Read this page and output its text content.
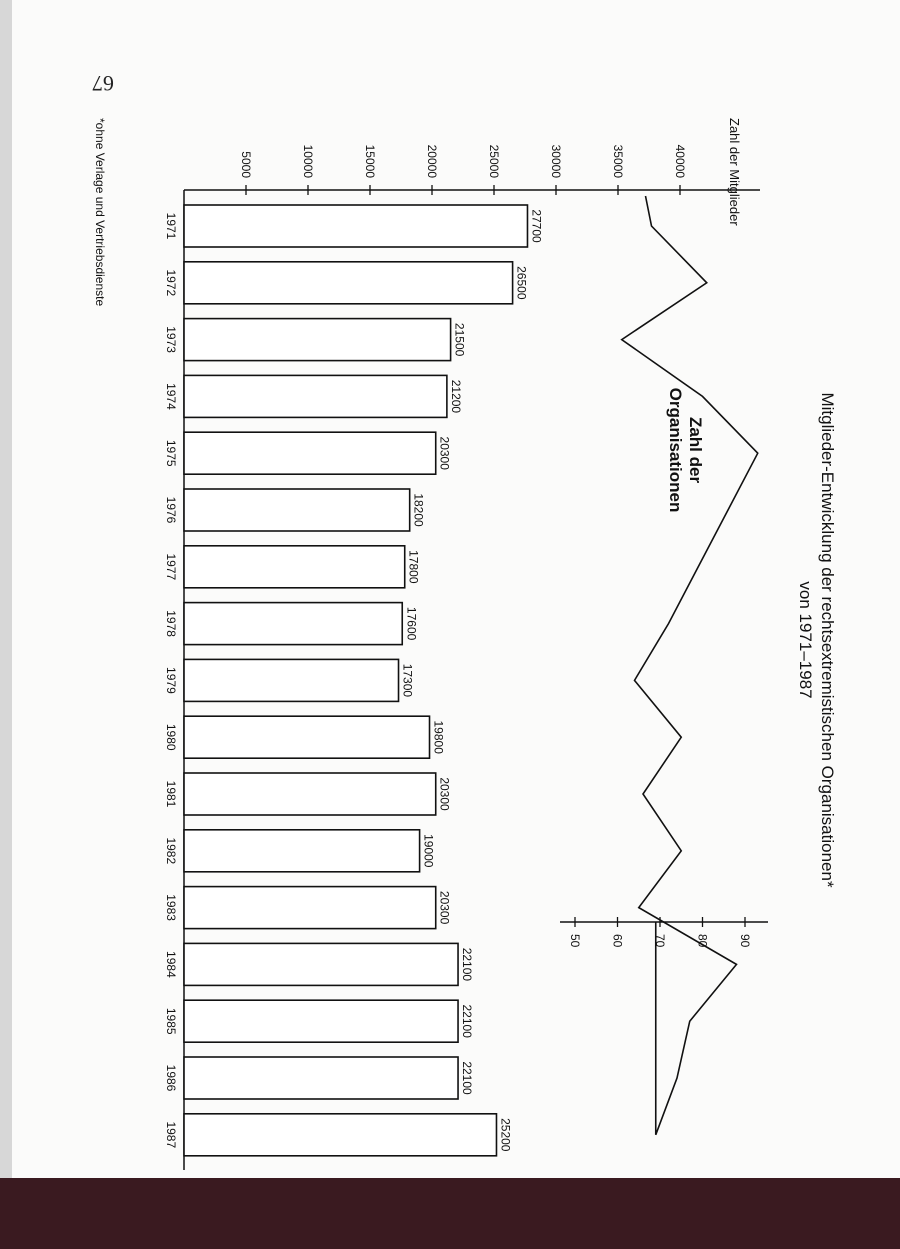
67
Mitglieder-Entwicklung der rechtsextremistischen Organisationen*
von 1971–1987
Zahl der Mitglieder
Zahl der
Organisationen
*ohne Verlage und Vertriebsdienste	5000	10000	15000	20000	25000	30000	35000	40000
50 60 70 80 90
27700
1971
26500
1972
21500
1973
21200
1974
20300
1975
18200
1976
17800
1977
17600
1978
17300
1979
19800
1980
20300
1981
19000
1982
20300
1983
22100
1984
22100
1985
22100
1986
25200
1987
